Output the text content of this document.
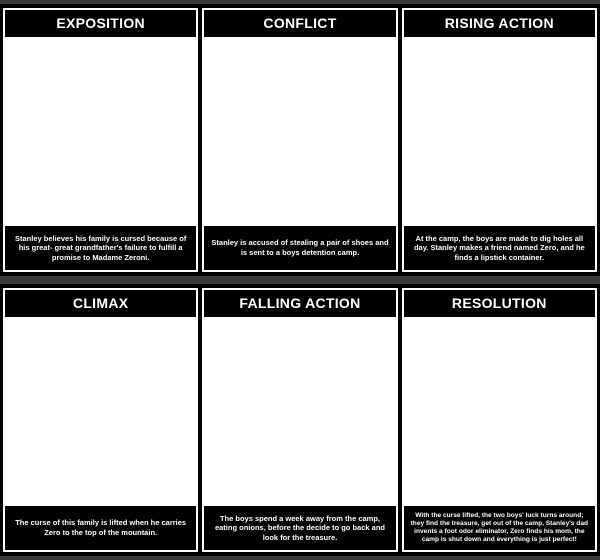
EXPOSITION
Stanley believes his family is cursed because of his great- great grandfather's failure to fulfill a promise to Madame Zeroni.
CONFLICT
Stanley is accused of stealing a pair of shoes and is sent to a boys detention camp.
RISING ACTION
At the camp, the boys are made to dig holes all day. Stanley makes a friend named Zero, and he finds a lipstick container.
CLIMAX
The curse of this family is lifted when he carries Zero to the top of the mountain.
FALLING ACTION
The boys spend a week away from the camp, eating onions, before the decide to go back and look for the treasure.
RESOLUTION
With the curse lifted, the two boys' luck turns around; they find the treasure, get out of the camp, Stanley's dad invents a foot odor eliminator, Zero finds his mom, the camp is shut down and everything is just perfect!
